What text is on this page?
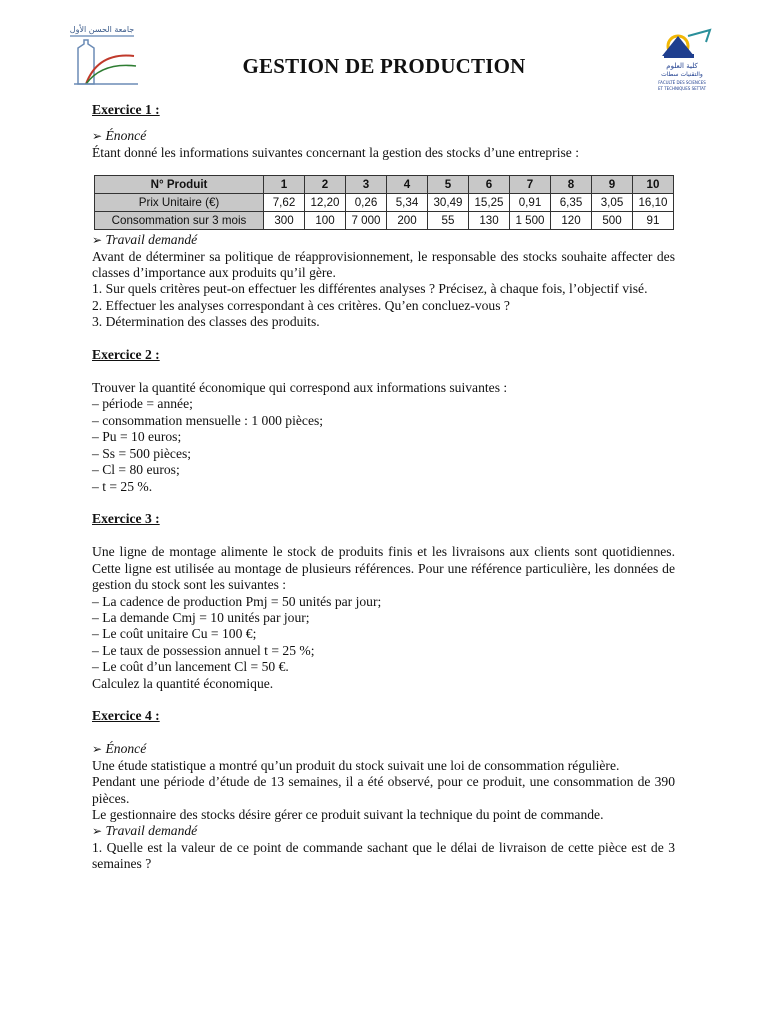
جامعة الحسن الأول
GESTION DE PRODUCTION	كلية العلوم
والتقنيات سطات
FACULTÉ DES SCIENCES
ET TECHNIQUES SETTAT

Exercice 1 :

➢ Énoncé

Étant donné les informations suivantes concernant la gestion des stocks d’une entreprise :

N° Produit	1	2	3	4	5	6	7	8	9	10
Prix Unitaire (€)	7,62	12,20	0,26	5,34	30,49	15,25	0,91	6,35	3,05	16,10
Consommation sur 3 mois	300	100	7 000	200	55	130	1 500	120	500	91

➢ Travail demandé

Avant de déterminer sa politique de réapprovisionnement, le responsable des stocks souhaite affecter des classes d’importance aux produits qu’il gère.

1. Sur quels critères peut-on effectuer les différentes analyses ? Précisez, à chaque fois, l’objectif visé.

2. Effectuer les analyses correspondant à ces critères. Qu’en concluez-vous ?

3. Détermination des classes des produits.

Exercice 2 :

Trouver la quantité économique qui correspond aux informations suivantes :

– période = année;

– consommation mensuelle : 1 000 pièces;

– Pu = 10 euros;

– Ss = 500 pièces;

– Cl = 80 euros;

– t = 25 %.

Exercice 3 :

Une ligne de montage alimente le stock de produits finis et les livraisons aux clients sont quotidiennes. Cette ligne est utilisée au montage de plusieurs références. Pour une référence particulière, les données de gestion du stock sont les suivantes :

– La cadence de production Pmj = 50 unités par jour;

– La demande Cmj = 10 unités par jour;

– Le coût unitaire Cu = 100 €;

– Le taux de possession annuel t = 25 %;

– Le coût d’un lancement Cl = 50 €.

Calculez la quantité économique.

Exercice 4 :

➢ Énoncé

Une étude statistique a montré qu’un produit du stock suivait une loi de consommation régulière.

Pendant une période d’étude de 13 semaines, il a été observé, pour ce produit, une consommation de 390 pièces.

Le gestionnaire des stocks désire gérer ce produit suivant la technique du point de commande.

➢ Travail demandé

1. Quelle est la valeur de ce point de commande sachant que le délai de livraison de cette pièce est de 3 semaines ?
